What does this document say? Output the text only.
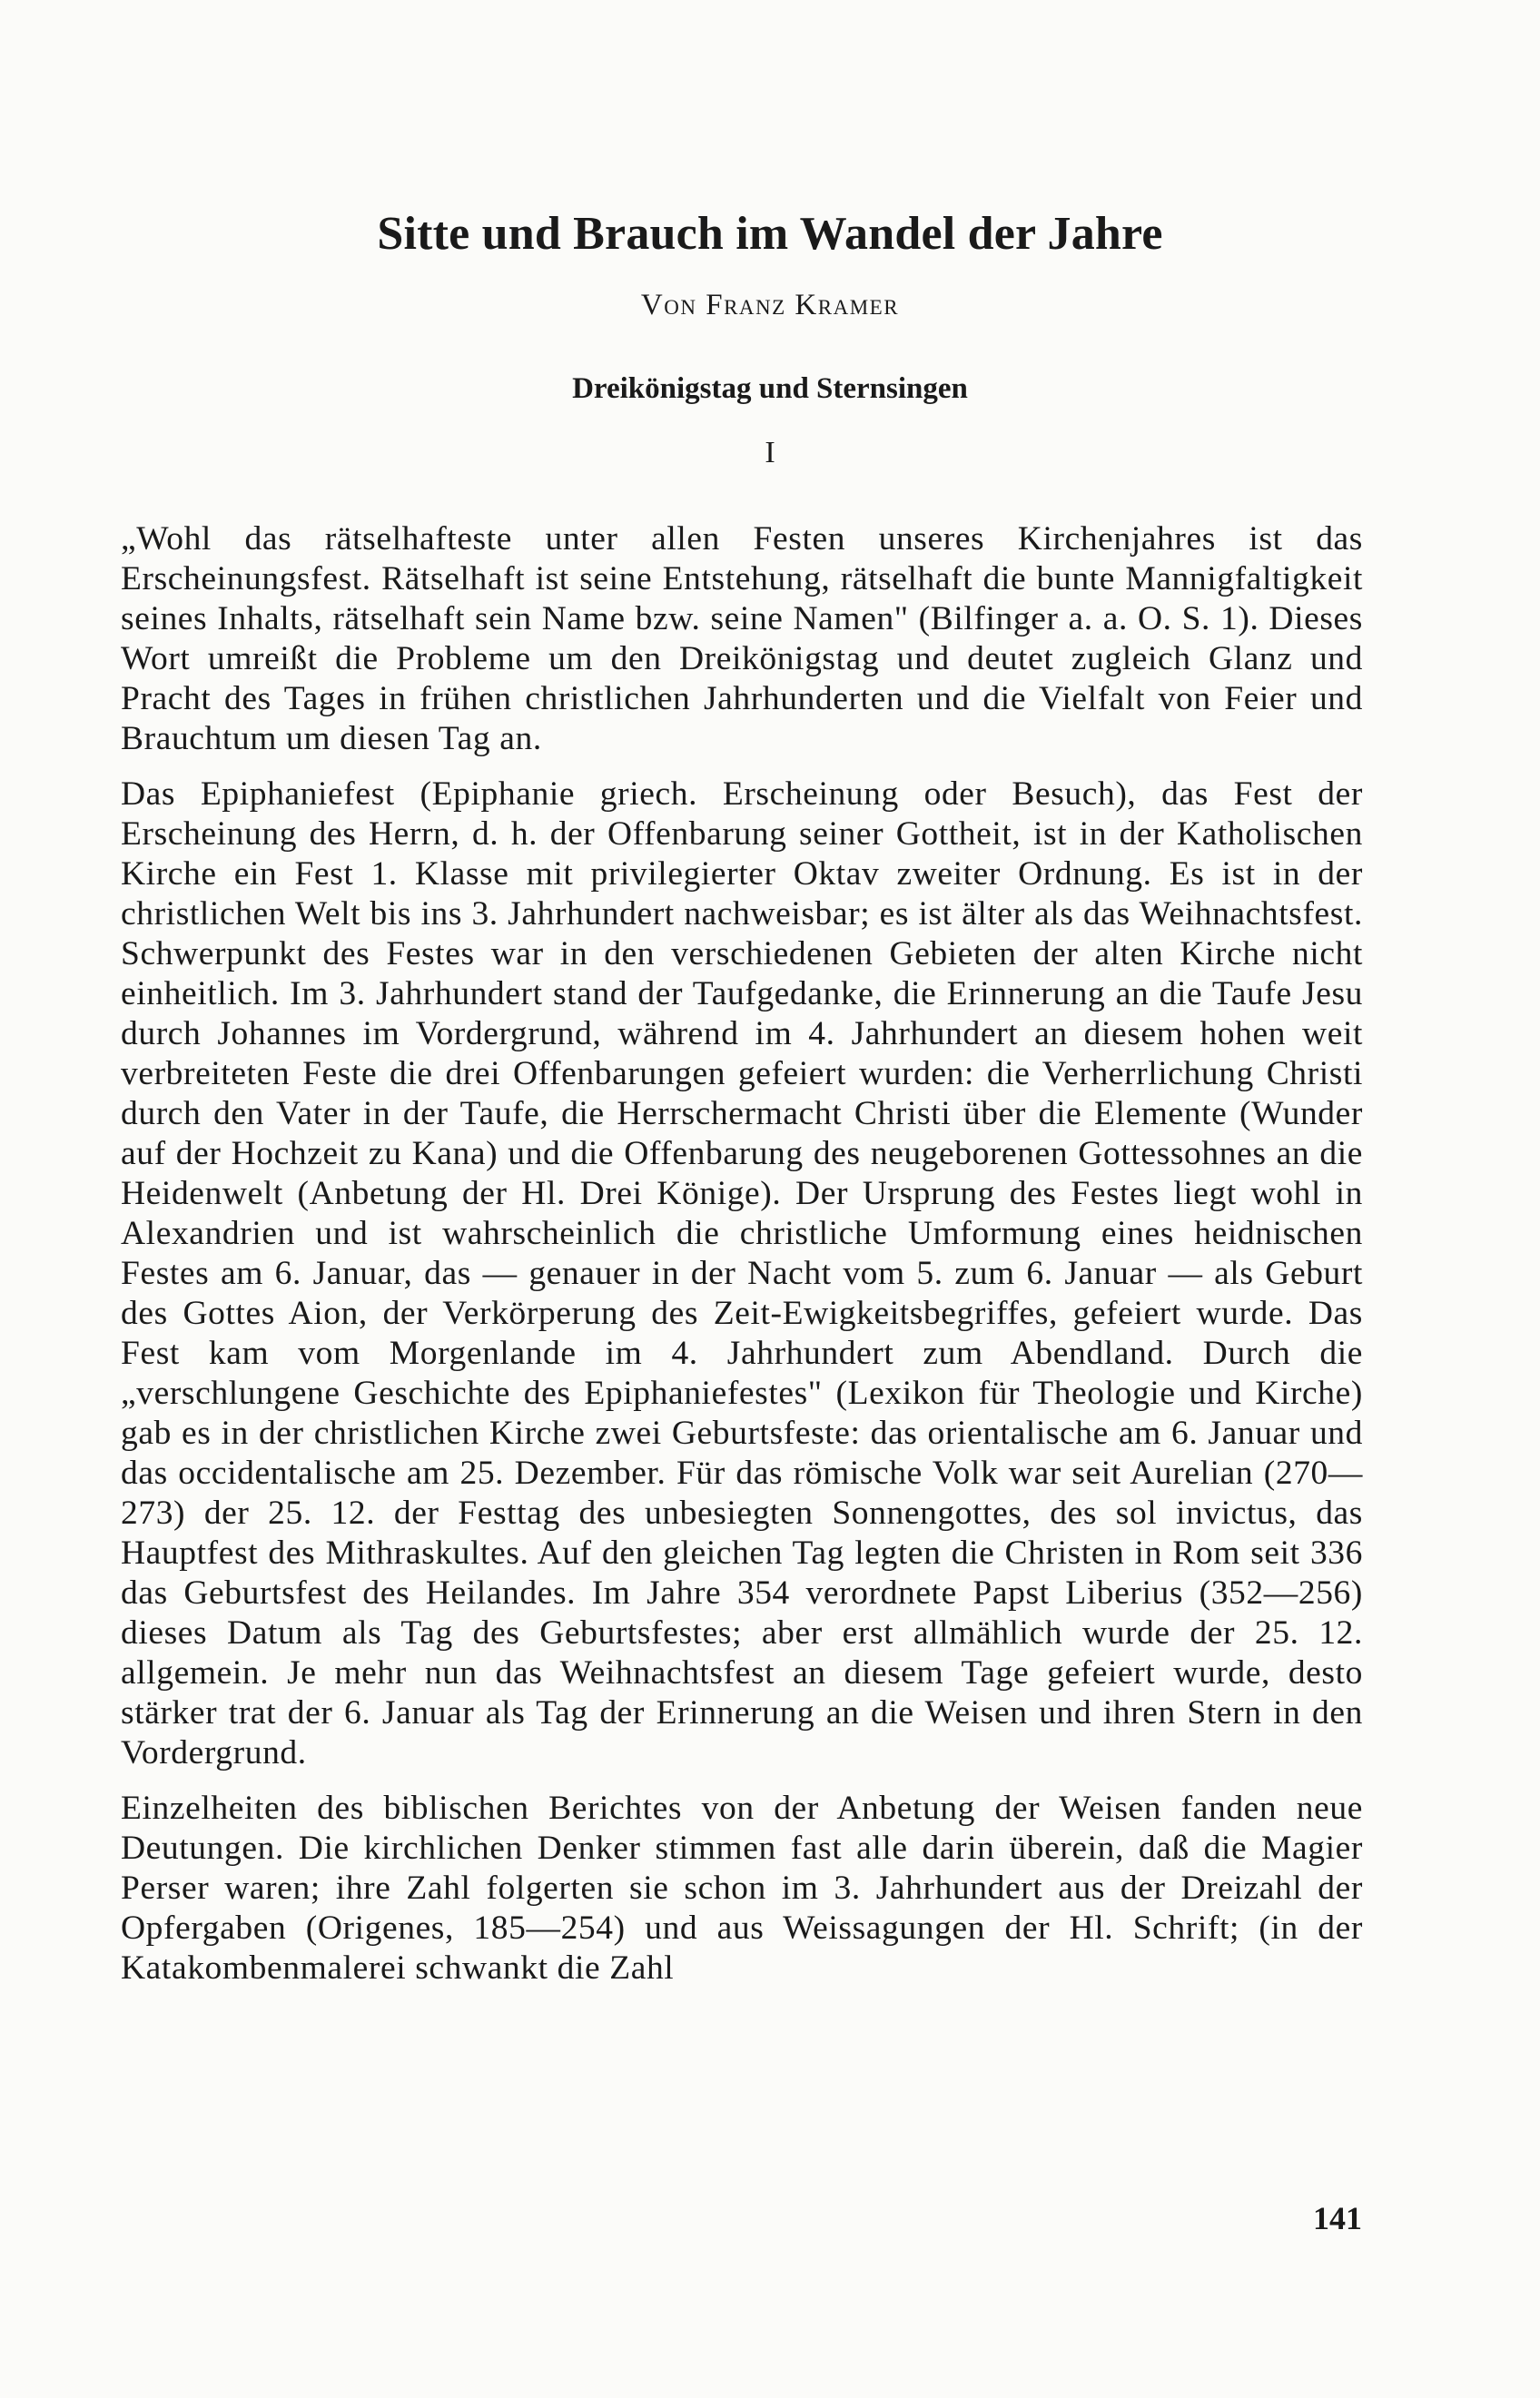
Sitte und Brauch im Wandel der Jahre

Von Franz Kramer

Dreikönigstag und Sternsingen

I

„Wohl das rätselhafteste unter allen Festen unseres Kirchenjahres ist das Erscheinungsfest. Rätselhaft ist seine Entstehung, rätselhaft die bunte Mannigfaltigkeit seines Inhalts, rätselhaft sein Name bzw. seine Namen" (Bilfinger a. a. O. S. 1). Dieses Wort umreißt die Probleme um den Dreikönigstag und deutet zugleich Glanz und Pracht des Tages in frühen christlichen Jahrhunderten und die Vielfalt von Feier und Brauchtum um diesen Tag an.

Das Epiphaniefest (Epiphanie griech. Erscheinung oder Besuch), das Fest der Erscheinung des Herrn, d. h. der Offenbarung seiner Gottheit, ist in der Katholischen Kirche ein Fest 1. Klasse mit privilegierter Oktav zweiter Ordnung. Es ist in der christlichen Welt bis ins 3. Jahrhundert nachweisbar; es ist älter als das Weihnachtsfest. Schwerpunkt des Festes war in den verschiedenen Gebieten der alten Kirche nicht einheitlich. Im 3. Jahrhundert stand der Taufgedanke, die Erinnerung an die Taufe Jesu durch Johannes im Vordergrund, während im 4. Jahrhundert an diesem hohen weit verbreiteten Feste die drei Offenbarungen gefeiert wurden: die Verherrlichung Christi durch den Vater in der Taufe, die Herrschermacht Christi über die Elemente (Wunder auf der Hochzeit zu Kana) und die Offenbarung des neugeborenen Gottessohnes an die Heidenwelt (Anbetung der Hl. Drei Könige). Der Ursprung des Festes liegt wohl in Alexandrien und ist wahrscheinlich die christliche Umformung eines heidnischen Festes am 6. Januar, das — genauer in der Nacht vom 5. zum 6. Januar — als Geburt des Gottes Aion, der Verkörperung des Zeit-Ewigkeitsbegriffes, gefeiert wurde. Das Fest kam vom Morgenlande im 4. Jahrhundert zum Abendland. Durch die „verschlungene Geschichte des Epiphaniefestes" (Lexikon für Theologie und Kirche) gab es in der christlichen Kirche zwei Geburtsfeste: das orientalische am 6. Januar und das occidentalische am 25. Dezember. Für das römische Volk war seit Aurelian (270—273) der 25. 12. der Festtag des unbesiegten Sonnengottes, des sol invictus, das Hauptfest des Mithraskultes. Auf den gleichen Tag legten die Christen in Rom seit 336 das Geburtsfest des Heilandes. Im Jahre 354 verordnete Papst Liberius (352—256) dieses Datum als Tag des Geburtsfestes; aber erst allmählich wurde der 25. 12. allgemein. Je mehr nun das Weihnachtsfest an diesem Tage gefeiert wurde, desto stärker trat der 6. Januar als Tag der Erinnerung an die Weisen und ihren Stern in den Vordergrund.

Einzelheiten des biblischen Berichtes von der Anbetung der Weisen fanden neue Deutungen. Die kirchlichen Denker stimmen fast alle darin überein, daß die Magier Perser waren; ihre Zahl folgerten sie schon im 3. Jahrhundert aus der Dreizahl der Opfergaben (Origenes, 185—254) und aus Weissagungen der Hl. Schrift; (in der Katakombenmalerei schwankt die Zahl

141
